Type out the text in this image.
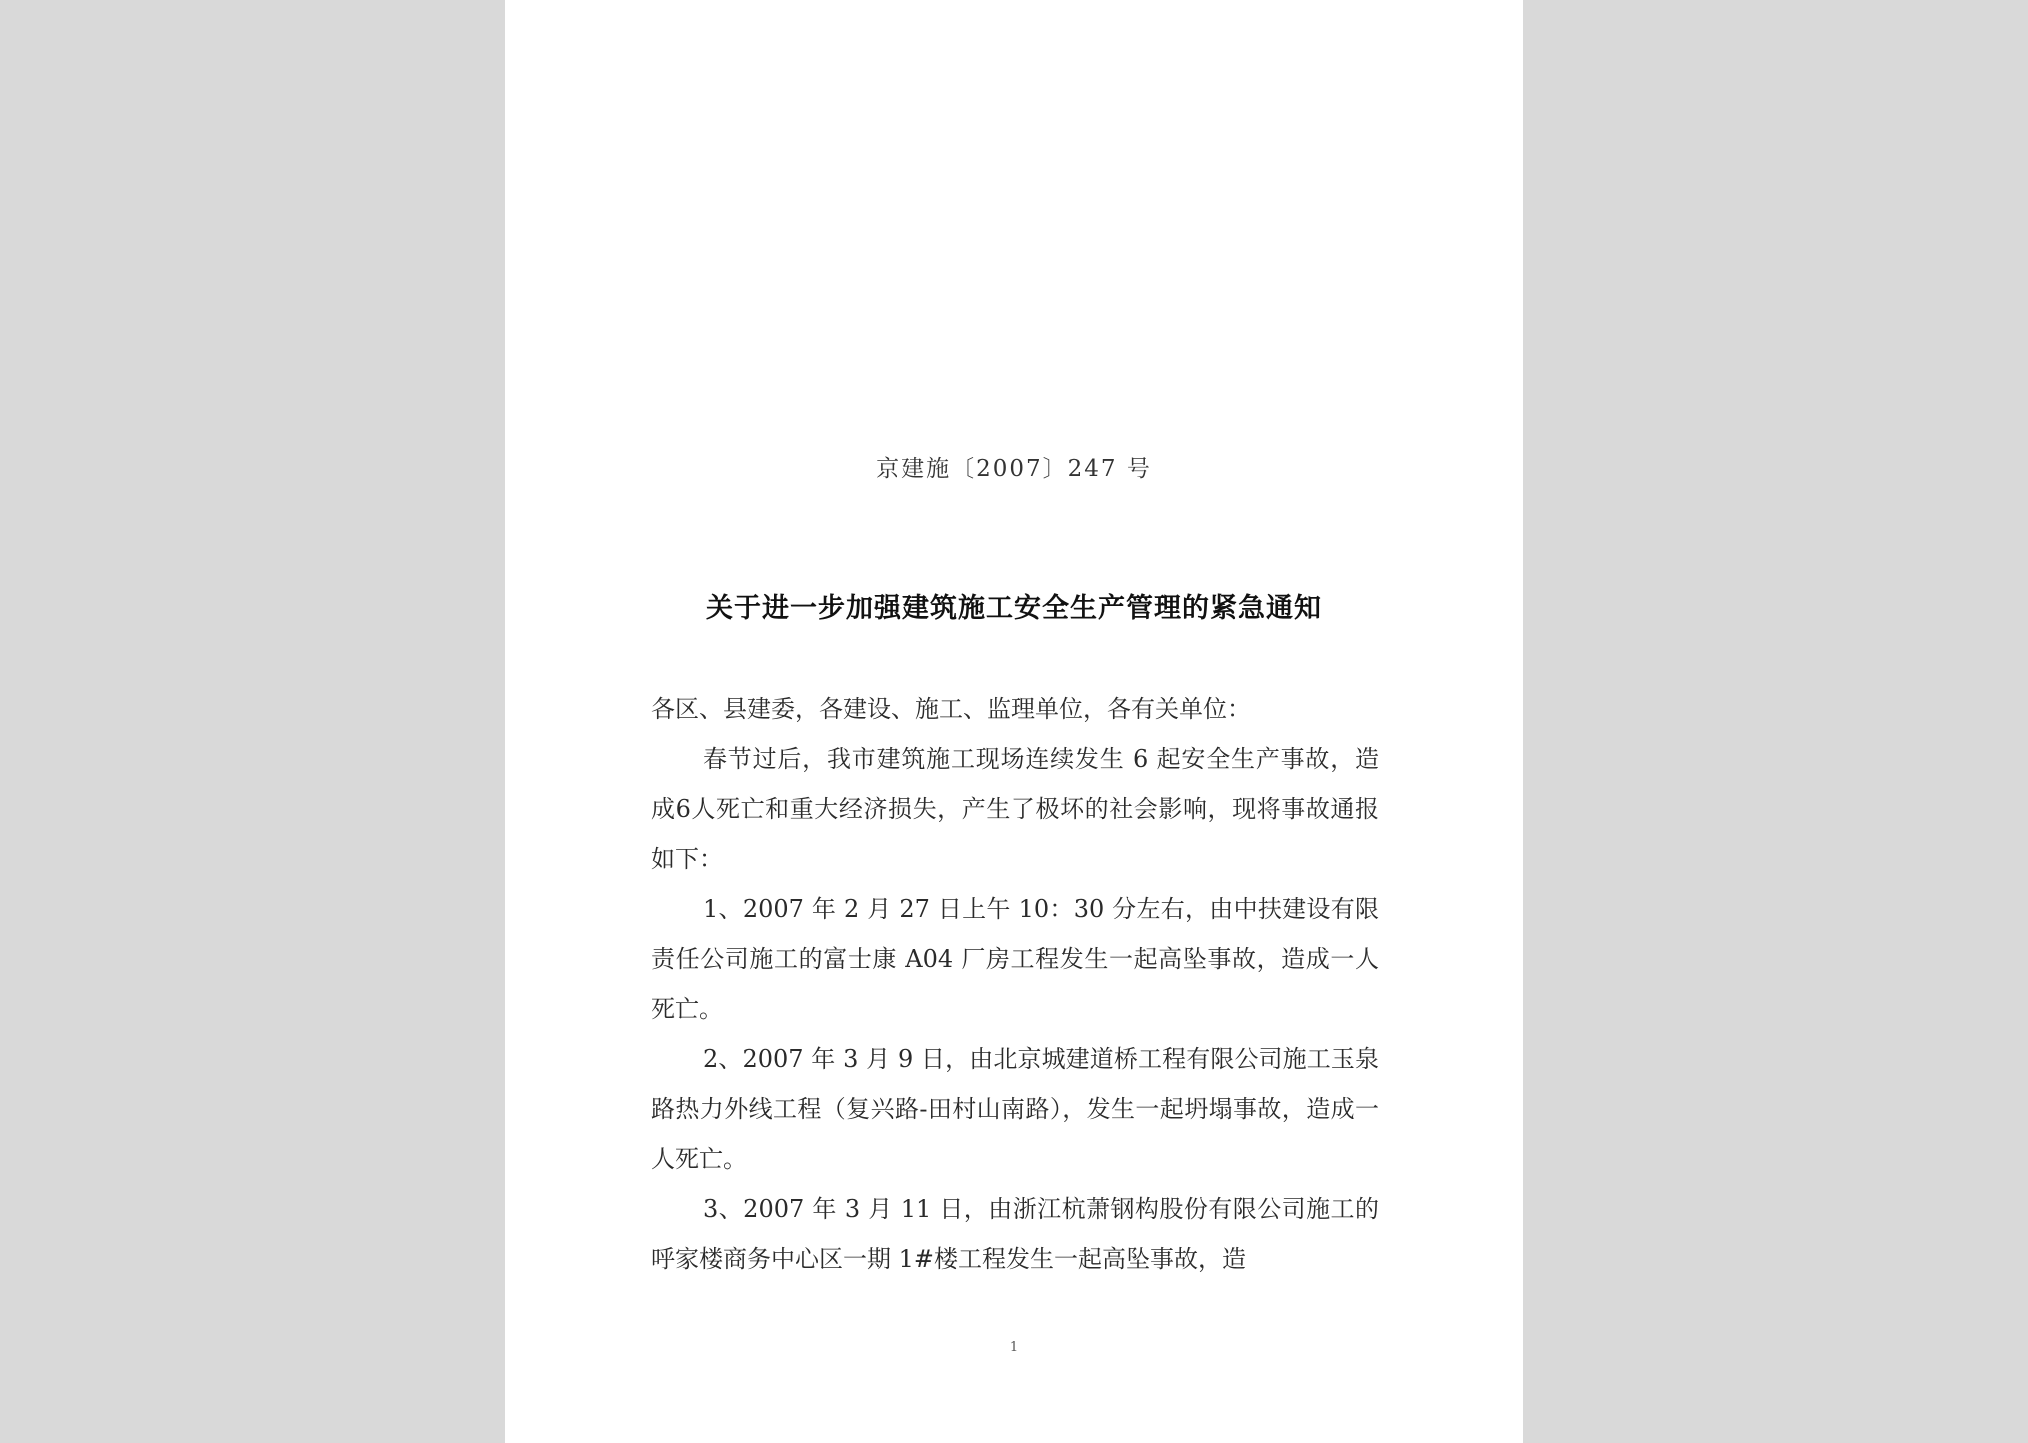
京建施〔2007〕247 号
关于进一步加强建筑施工安全生产管理的紧急通知

各区、县建委，各建设、施工、监理单位，各有关单位：

春节过后，我市建筑施工现场连续发生 6 起安全生产事故，造成6人死亡和重大经济损失，产生了极坏的社会影响，现将事故通报如下：

1、2007 年 2 月 27 日上午 10：30 分左右，由中扶建设有限责任公司施工的富士康 A04 厂房工程发生一起高坠事故，造成一人死亡。

2、2007 年 3 月 9 日，由北京城建道桥工程有限公司施工玉泉路热力外线工程（复兴路-田村山南路），发生一起坍塌事故，造成一人死亡。

3、2007 年 3 月 11 日，由浙江杭萧钢构股份有限公司施工的呼家楼商务中心区一期 1#楼工程发生一起高坠事故，造

1
